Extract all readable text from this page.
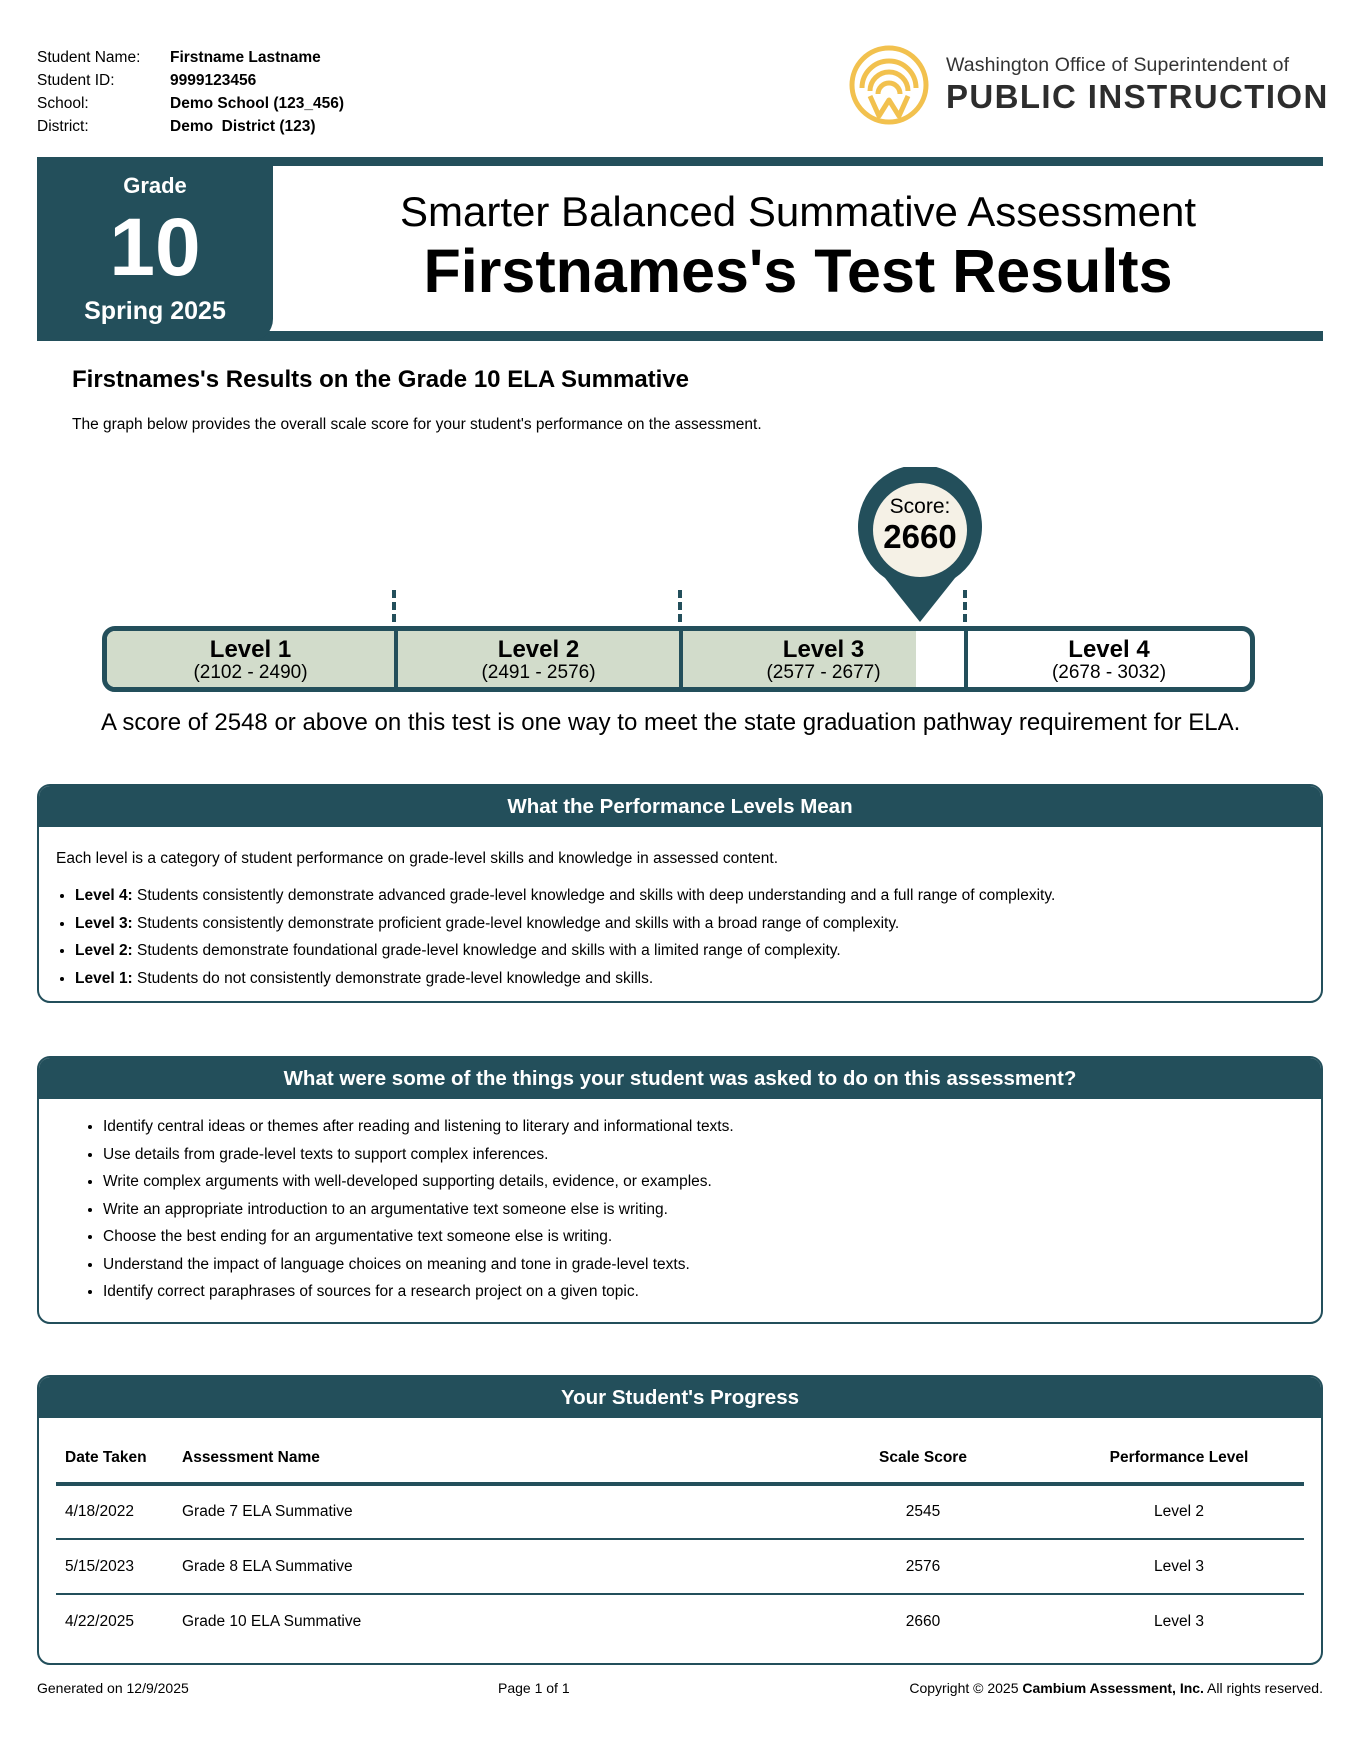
Student Name:	Firstname Lastname
Student ID:	9999123456
School:	Demo School (123_456)
District:	Demo  District (123)
Washington Office of Superintendent of
PUBLIC INSTRUCTION
Grade
10
Spring 2025
Smarter Balanced Summative Assessment
Firstnames's Test Results
Firstnames's Results on the Grade 10 ELA Summative
The graph below provides the overall scale score for your student's performance on the assessment.
Level 1
(2102 - 2490)
Level 2
(2491 - 2576)
Level 3
(2577 - 2677)
Level 4
(2678 - 3032)
Score:
2660
A score of 2548 or above on this test is one way to meet the state graduation pathway requirement for ELA.
What the Performance Levels Mean
Each level is a category of student performance on grade-level skills and knowledge in assessed content.
• Level 4: Students consistently demonstrate advanced grade-level knowledge and skills with deep understanding and a full range of complexity.
• Level 3: Students consistently demonstrate proficient grade-level knowledge and skills with a broad range of complexity.
• Level 2: Students demonstrate foundational grade-level knowledge and skills with a limited range of complexity.
• Level 1: Students do not consistently demonstrate grade-level knowledge and skills.
What were some of the things your student was asked to do on this assessment?
• Identify central ideas or themes after reading and listening to literary and informational texts.
• Use details from grade-level texts to support complex inferences.
• Write complex arguments with well-developed supporting details, evidence, or examples.
• Write an appropriate introduction to an argumentative text someone else is writing.
• Choose the best ending for an argumentative text someone else is writing.
• Understand the impact of language choices on meaning and tone in grade-level texts.
• Identify correct paraphrases of sources for a research project on a given topic.
Your Student's Progress
Date Taken	Assessment Name	Scale Score	Performance Level
4/18/2022	Grade 7 ELA Summative	2545	Level 2
5/15/2023	Grade 8 ELA Summative	2576	Level 3
4/22/2025	Grade 10 ELA Summative	2660	Level 3
Generated on 12/9/2025	Page 1 of 1	Copyright © 2025 Cambium Assessment, Inc. All rights reserved.
